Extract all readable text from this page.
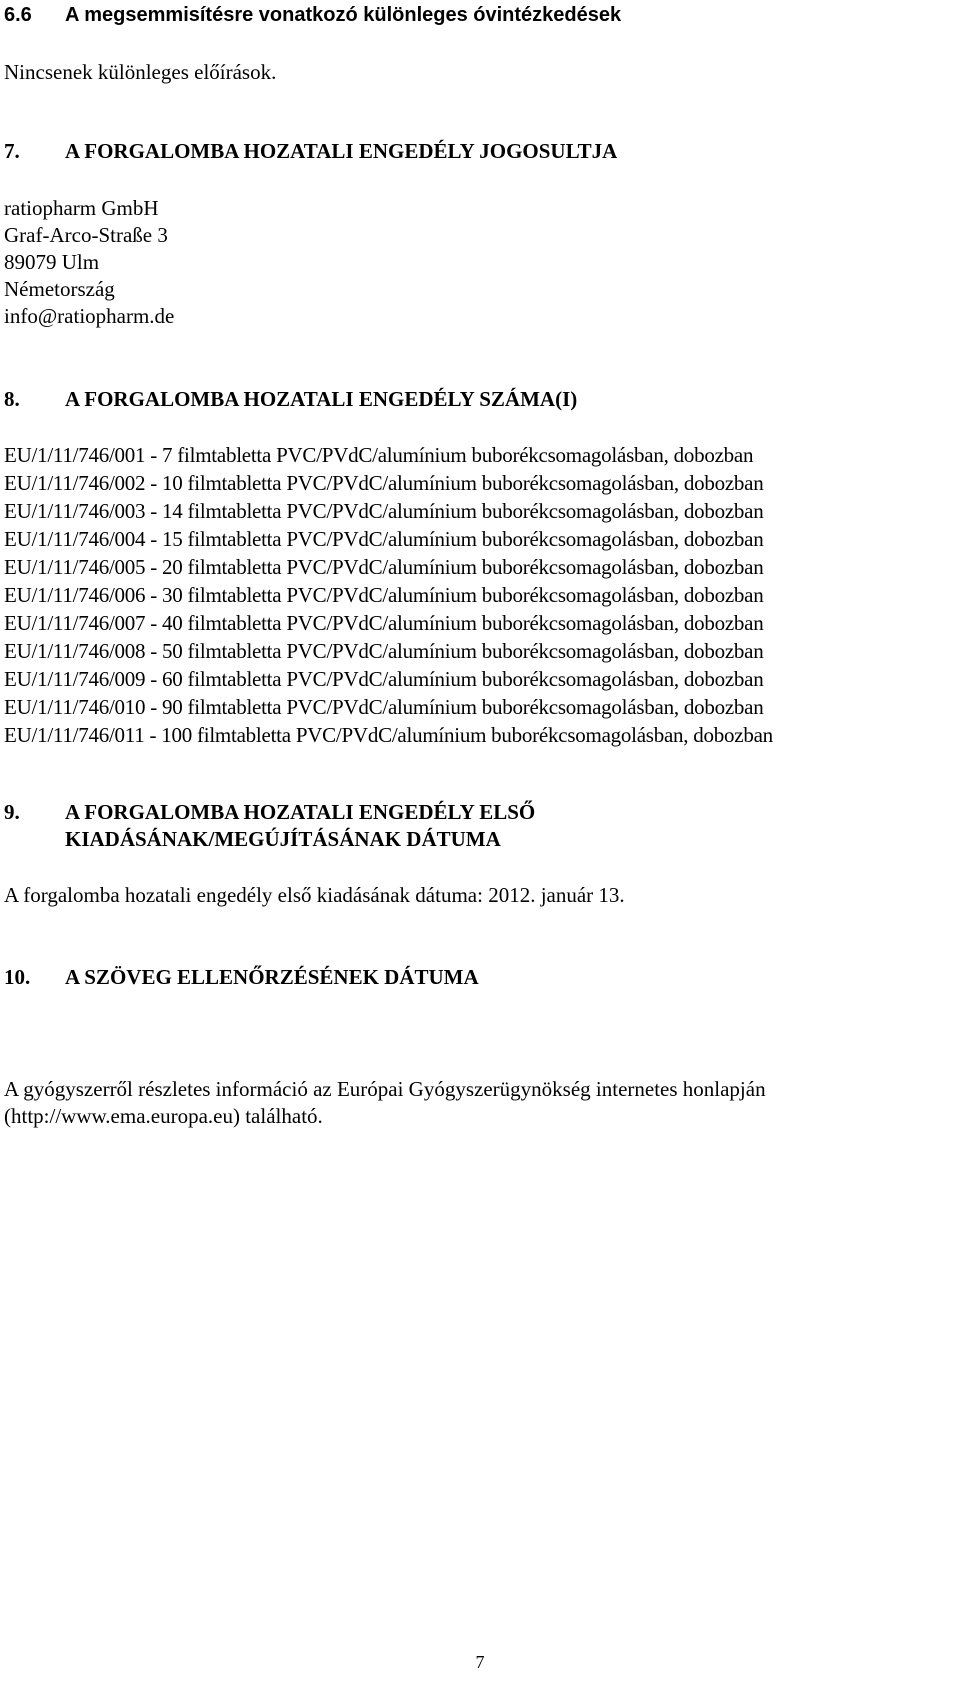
6.6 A megsemmisítésre vonatkozó különleges óvintézkedések
Nincsenek különleges előírások.
7. A FORGALOMBA HOZATALI ENGEDÉLY JOGOSULTJA
ratiopharm GmbH
Graf-Arco-Straße 3
89079 Ulm
Németország
info@ratiopharm.de
8. A FORGALOMBA HOZATALI ENGEDÉLY SZÁMA(I)
EU/1/11/746/001 - 7 filmtabletta PVC/PVdC/alumínium buborékcsomagolásban, dobozban
EU/1/11/746/002 - 10 filmtabletta PVC/PVdC/alumínium buborékcsomagolásban, dobozban
EU/1/11/746/003 - 14 filmtabletta PVC/PVdC/alumínium buborékcsomagolásban, dobozban
EU/1/11/746/004 - 15 filmtabletta PVC/PVdC/alumínium buborékcsomagolásban, dobozban
EU/1/11/746/005 - 20 filmtabletta PVC/PVdC/alumínium buborékcsomagolásban, dobozban
EU/1/11/746/006 - 30 filmtabletta PVC/PVdC/alumínium buborékcsomagolásban, dobozban
EU/1/11/746/007 - 40 filmtabletta PVC/PVdC/alumínium buborékcsomagolásban, dobozban
EU/1/11/746/008 - 50 filmtabletta PVC/PVdC/alumínium buborékcsomagolásban, dobozban
EU/1/11/746/009 - 60 filmtabletta PVC/PVdC/alumínium buborékcsomagolásban, dobozban
EU/1/11/746/010 - 90 filmtabletta PVC/PVdC/alumínium buborékcsomagolásban, dobozban
EU/1/11/746/011 - 100 filmtabletta PVC/PVdC/alumínium buborékcsomagolásban, dobozban
9. A FORGALOMBA HOZATALI ENGEDÉLY ELSŐ
KIADÁSÁNAK/MEGÚJÍTÁSÁNAK DÁTUMA
A forgalomba hozatali engedély első kiadásának dátuma: 2012. január 13.
10. A SZÖVEG ELLENŐRZÉSÉNEK DÁTUMA
A gyógyszerről részletes információ az Európai Gyógyszerügynökség internetes honlapján
(http://www.ema.europa.eu) található.
7
